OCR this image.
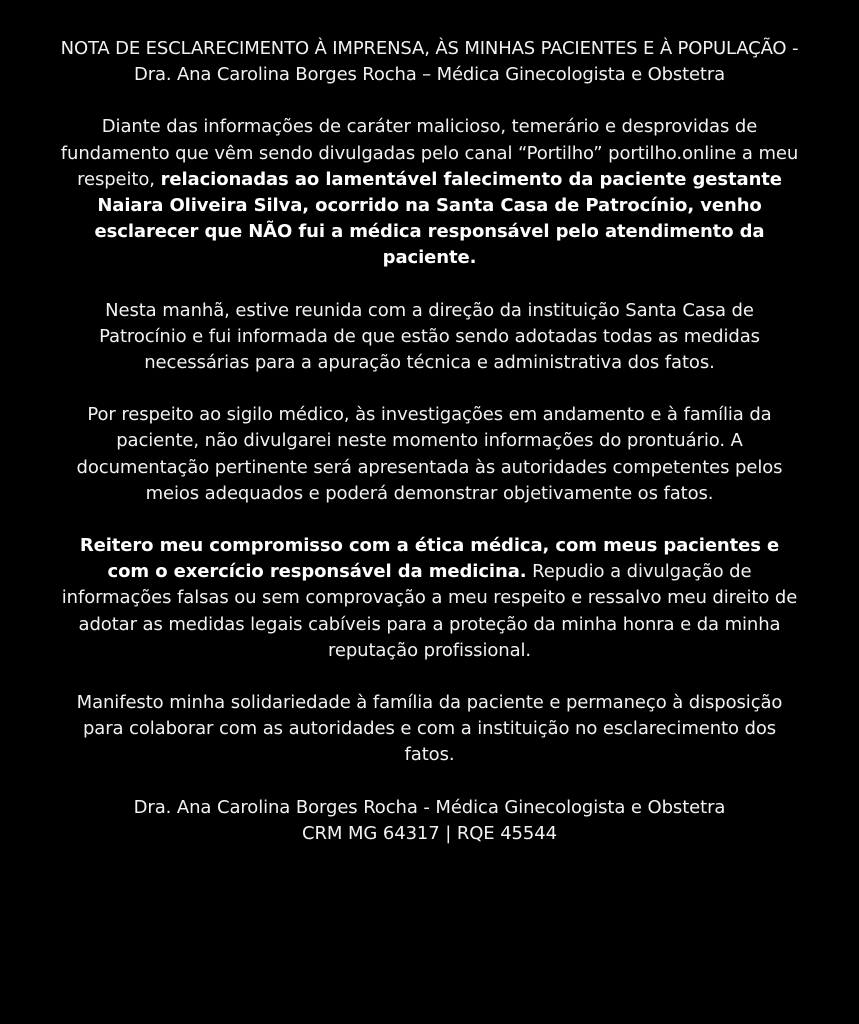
NOTA DE ESCLARECIMENTO À IMPRENSA, ÀS MINHAS PACIENTES E À POPULAÇÃO - Dra. Ana Carolina Borges Rocha – Médica Ginecologista e Obstetra

Diante das informações de caráter malicioso, temerário e desprovidas de fundamento que vêm sendo divulgadas pelo canal “Portilho” portilho.online a meu respeito, relacionadas ao lamentável falecimento da paciente gestante Naiara Oliveira Silva, ocorrido na Santa Casa de Patrocínio, venho esclarecer que NÃO fui a médica responsável pelo atendimento da paciente.

Nesta manhã, estive reunida com a direção da instituição Santa Casa de Patrocínio e fui informada de que estão sendo adotadas todas as medidas necessárias para a apuração técnica e administrativa dos fatos.

Por respeito ao sigilo médico, às investigações em andamento e à família da paciente, não divulgarei neste momento informações do prontuário. A documentação pertinente será apresentada às autoridades competentes pelos meios adequados e poderá demonstrar objetivamente os fatos.

Reitero meu compromisso com a ética médica, com meus pacientes e com o exercício responsável da medicina. Repudio a divulgação de informações falsas ou sem comprovação a meu respeito e ressalvo meu direito de adotar as medidas legais cabíveis para a proteção da minha honra e da minha reputação profissional.

Manifesto minha solidariedade à família da paciente e permaneço à disposição para colaborar com as autoridades e com a instituição no esclarecimento dos fatos.

Dra. Ana Carolina Borges Rocha - Médica Ginecologista e Obstetra

CRM MG 64317 | RQE 45544
